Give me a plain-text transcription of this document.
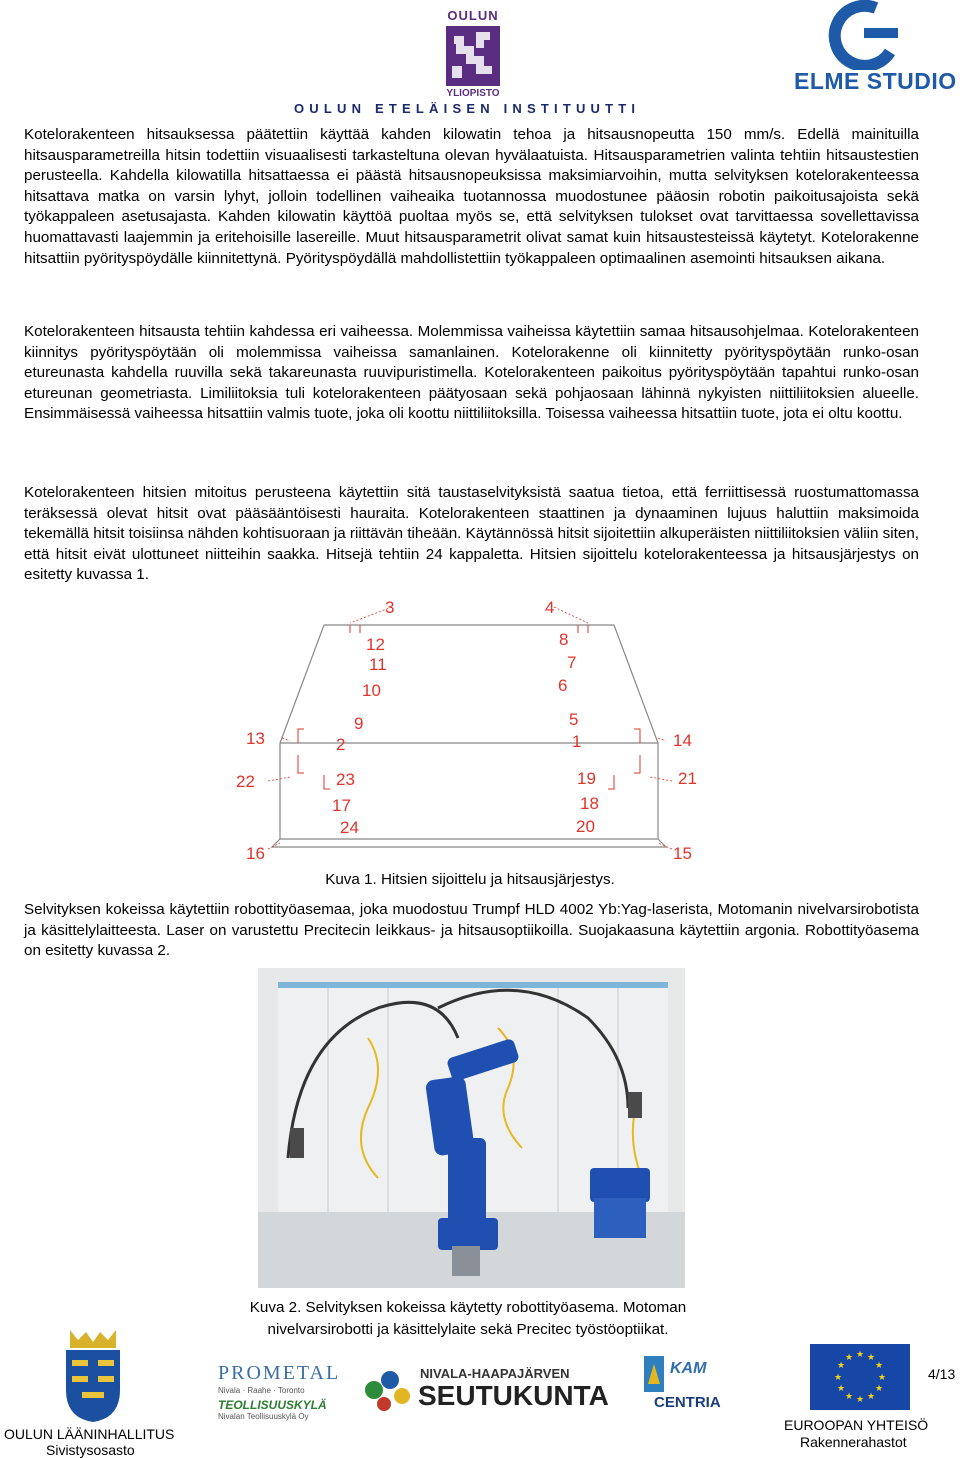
OULUN
YLIOPISTO
OULUN ETELÄISEN INSTITUUTTI
ELME STUDIO

Kotelorakenteen hitsauksessa päätettiin käyttää kahden kilowatin tehoa ja hitsausnopeutta 150 mm/s. Edellä mainituilla hitsausparametreilla hitsin todettiin visuaalisesti tarkasteltuna olevan hyvälaatuista. Hitsausparametrien valinta tehtiin hitsaustestien perusteella. Kahdella kilowatilla hitsattaessa ei päästä hitsausnopeuksissa maksimiarvoihin, mutta selvityksen kotelorakenteessa hitsattava matka on varsin lyhyt, jolloin todellinen vaiheaika tuotannossa muodostunee pääosin robotin paikoitusajoista sekä työkappaleen asetusajasta. Kahden kilowatin käyttöä puoltaa myös se, että selvityksen tulokset ovat tarvittaessa sovellettavissa huomattavasti laajemmin ja eritehoisille lasereille. Muut hitsausparametrit olivat samat kuin hitsaustesteissä käytetyt. Kotelorakenne hitsattiin pyörityspöydälle kiinnitettynä. Pyörityspöydällä mahdollistettiin työkappaleen optimaalinen asemointi hitsauksen aikana.

Kotelorakenteen hitsausta tehtiin kahdessa eri vaiheessa. Molemmissa vaiheissa käytettiin samaa hitsausohjelmaa. Kotelorakenteen kiinnitys pyörityspöytään oli molemmissa vaiheissa samanlainen. Kotelorakenne oli kiinnitetty pyörityspöytään runko-osan etureunasta kahdella ruuvilla sekä takareunasta ruuvipuristimella. Kotelorakenteen paikoitus pyörityspöytään tapahtui runko-osan etureunan geometriasta. Limiliitoksia tuli kotelorakenteen päätyosaan sekä pohjaosaan lähinnä nykyisten niittiliitoksien alueelle. Ensimmäisessä vaiheessa hitsattiin valmis tuote, joka oli koottu niittiliitoksilla. Toisessa vaiheessa hitsattiin tuote, jota ei oltu koottu.

Kotelorakenteen hitsien mitoitus perusteena käytettiin sitä taustaselvityksistä saatua tietoa, että ferriittisessä ruostumattomassa teräksessä olevat hitsit ovat pääsääntöisesti hauraita. Kotelorakenteen staattinen ja dynaaminen lujuus haluttiin maksimoida tekemällä hitsit toisiinsa nähden kohtisuoraan ja riittävän tiheään. Käytännössä hitsit sijoitettiin alkuperäisten niittiliitoksien väliin siten, että hitsit eivät ulottuneet niitteihin saakka. Hitsejä tehtiin 24 kappaletta. Hitsien sijoittelu kotelorakenteessa ja hitsausjärjestys on esitetty kuvassa 1.

3	4
12
11
10
9
2
13
22	23
17
24
16
8
7
6
5
1	14
19	21
18
20
15
Kuva 1. Hitsien sijoittelu ja hitsausjärjestys.

Selvityksen kokeissa käytettiin robottityöasemaa, joka muodostuu Trumpf HLD 4002 Yb:Yag-laserista, Motomanin nivelvarsirobotista ja käsittelylaitteesta. Laser on varustettu Precitecin leikkaus- ja hitsausoptiikoilla. Suojakaasuna käytettiin argonia. Robottityöasema on esitetty kuvassa 2.

Kuva 2. Selvityksen kokeissa käytetty robottityöasema. Motoman
nivelvarsirobotti ja käsittelylaite sekä Precitec työstöoptiikat.
OULUN LÄÄNINHALLITUS
Sivistysosasto
PROMETAL
Nivala · Raahe · Toronto
TEOLLISUUSKYLÄ
Nivalan Teollisuuskylä Oy
NIVALA-HAAPAJÄRVEN
SEUTUKUNTA
KAM
CENTRIA
★ ★
★
★
★
★
★
★
★
★
★
★
EUROOPAN YHTEISÖ
Rakennerahastot
4/13
